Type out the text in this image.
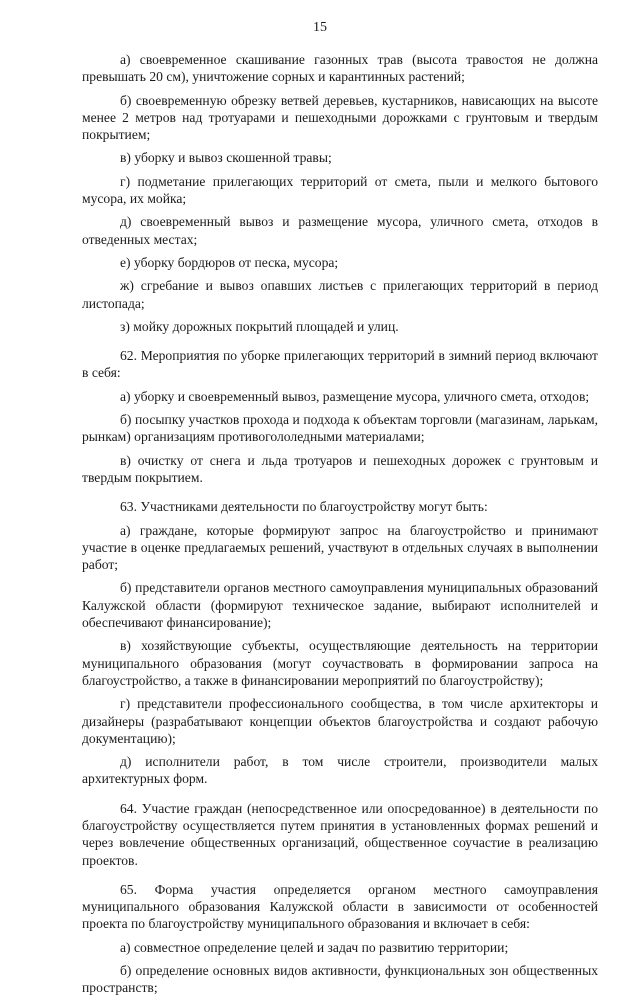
15

а) своевременное скашивание газонных трав (высота травостоя не должна превышать 20 см), уничтожение сорных и карантинных растений;

б) своевременную обрезку ветвей деревьев, кустарников, нависающих на высоте менее 2 метров над тротуарами и пешеходными дорожками с грунтовым и твердым покрытием;

в) уборку и вывоз скошенной травы;

г) подметание прилегающих территорий от смета, пыли и мелкого бытового мусора, их мойка;

д) своевременный вывоз и размещение мусора, уличного смета, отходов в отведенных местах;

е) уборку бордюров от песка, мусора;

ж) сгребание и вывоз опавших листьев с прилегающих территорий в период листопада;

з) мойку дорожных покрытий площадей и улиц.

62. Мероприятия по уборке прилегающих территорий в зимний период включают в себя:

а) уборку и своевременный вывоз, размещение мусора, уличного смета, отходов;

б) посыпку участков прохода и подхода к объектам торговли (магазинам, ларькам, рынкам) организациям противогололедными материалами;

в) очистку от снега и льда тротуаров и пешеходных дорожек с грунтовым и твердым покрытием.

63. Участниками деятельности по благоустройству могут быть:

а) граждане, которые формируют запрос на благоустройство и принимают участие в оценке предлагаемых решений, участвуют в отдельных случаях в выполнении работ;

б) представители органов местного самоуправления муниципальных образований Калужской области (формируют техническое задание, выбирают исполнителей и обеспечивают финансирование);

в) хозяйствующие субъекты, осуществляющие деятельность на территории муниципального образования (могут соучаствовать в формировании запроса на благоустройство, а также в финансировании мероприятий по благоустройству);

г) представители профессионального сообщества, в том числе архитекторы и дизайнеры (разрабатывают концепции объектов благоустройства и создают рабочую документацию);

д) исполнители работ, в том числе строители, производители малых архитектурных форм.

64. Участие граждан (непосредственное или опосредованное) в деятельности по благоустройству осуществляется путем принятия в установленных формах решений и через вовлечение общественных организаций, общественное соучастие в реализацию проектов.

65. Форма участия определяется органом местного самоуправления муниципального образования Калужской области в зависимости от особенностей проекта по благоустройству муниципального образования и включает в себя:

а) совместное определение целей и задач по развитию территории;

б) определение основных видов активности, функциональных зон общественных пространств;
